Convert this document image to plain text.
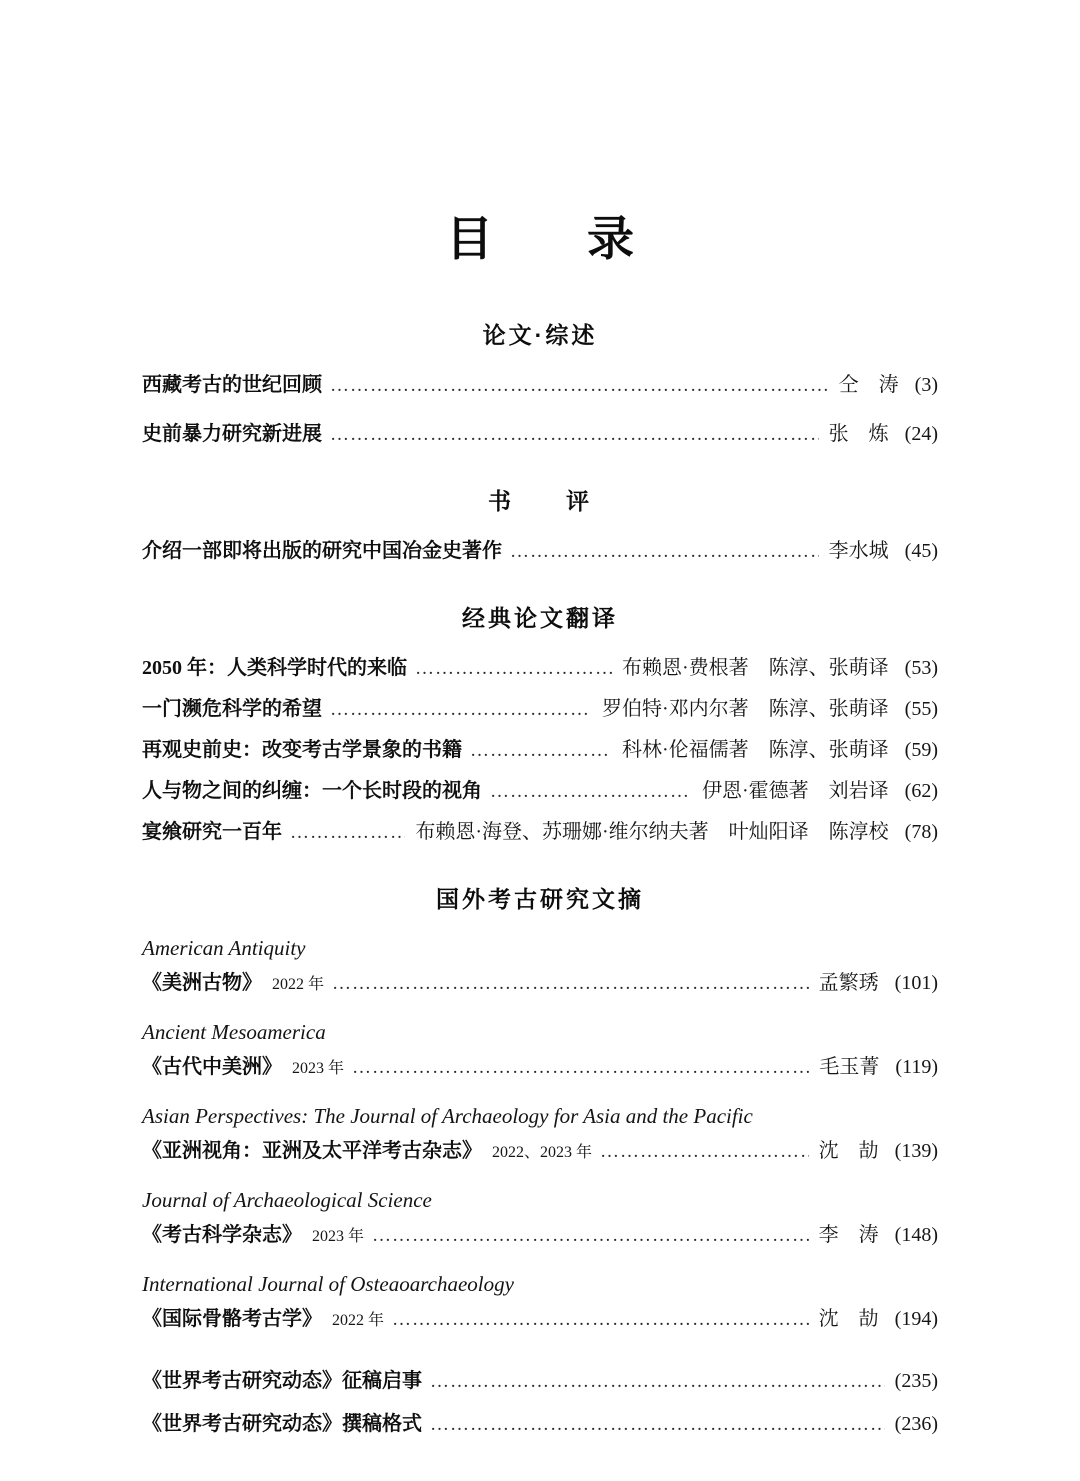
目　　录
论文·综述
西藏考古的世纪回顾 ……………………………………………………………………………………………………………………………………	仝　涛 (3)
史前暴力研究新进展 ……………………………………………………………………………………………………………………………………	张　炼 (24)
书　　评
介绍一部即将出版的研究中国冶金史著作 ……………………………………………………………………………………………………………………………………	李水城 (45)
经典论文翻译
2050 年：人类科学时代的来临 ……………………………………………………………………………………………………………………………………	布赖恩·费根著　陈淳、张萌译 (53)
一门濒危科学的希望 ……………………………………………………………………………………………………………………………………	罗伯特·邓内尔著　陈淳、张萌译 (55)
再观史前史：改变考古学景象的书籍 ……………………………………………………………………………………………………………………………………	科林·伦福儒著　陈淳、张萌译 (59)
人与物之间的纠缠：一个长时段的视角 ……………………………………………………………………………………………………………………………………	伊恩·霍德著　刘岩译 (62)
宴飨研究一百年 ……………………………………………………………………………………………………………………………………	布赖恩·海登、苏珊娜·维尔纳夫著　叶灿阳译　陈淳校 (78)
国外考古研究文摘
American Antiquity
《美洲古物》 2022 年 ……………………………………………………………………………………………………………………………………	孟繁琇 (101)
Ancient Mesoamerica
《古代中美洲》 2023 年 ……………………………………………………………………………………………………………………………………	毛玉菁 (119)
Asian Perspectives: The Journal of Archaeology for Asia and the Pacific
《亚洲视角：亚洲及太平洋考古杂志》 2022、2023 年 ……………………………………………………………………………………………………………………………………	沈　劼 (139)
Journal of Archaeological Science
《考古科学杂志》 2023 年 ……………………………………………………………………………………………………………………………………	李　涛 (148)
International Journal of Osteaoarchaeology
《国际骨骼考古学》 2022 年 ……………………………………………………………………………………………………………………………………	沈　劼 (194)
《世界考古研究动态》征稿启事 ……………………………………………………………………………………………………………………………………	(235)
《世界考古研究动态》撰稿格式 ……………………………………………………………………………………………………………………………………	(236)
